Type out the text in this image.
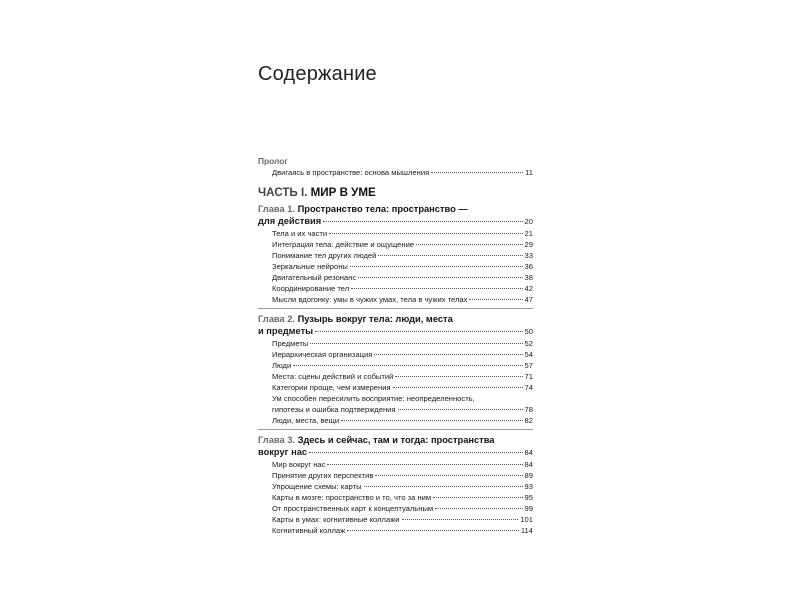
Содержание
Пролог
Двигаясь в пространстве: основа мышления	11
ЧАСТЬ I. МИР В УМЕ
Глава 1. Пространство тела: пространство —
для действия	20
Тела и их части	21
Интеграция тела: действие и ощущение	29
Понимание тел других людей	33
Зеркальные нейроны	36
Двигательный резонанс	38
Координирование тел	42
Мысли вдогонку: умы в чужих умах, тела в чужих телах	47
Глава 2. Пузырь вокруг тела: люди, места
и предметы	50
Предметы	52
Иерархическая организация	54
Люди	57
Места: сцены действий и событий	71
Категории проще, чем измерения	74
Ум способен пересилить восприятие: неопределенность,
гипотезы и ошибка подтверждения	78
Люди, места, вещи	82
Глава 3. Здесь и сейчас, там и тогда: пространства
вокруг нас	84
Мир вокруг нас	84
Принятие других перспектив	89
Упрощение схемы: карты	93
Карты в мозге: пространство и то, что за ним	95
От пространственных карт к концептуальным	99
Карты в умах: когнитивные коллажи	101
Когнитивный коллаж	114
